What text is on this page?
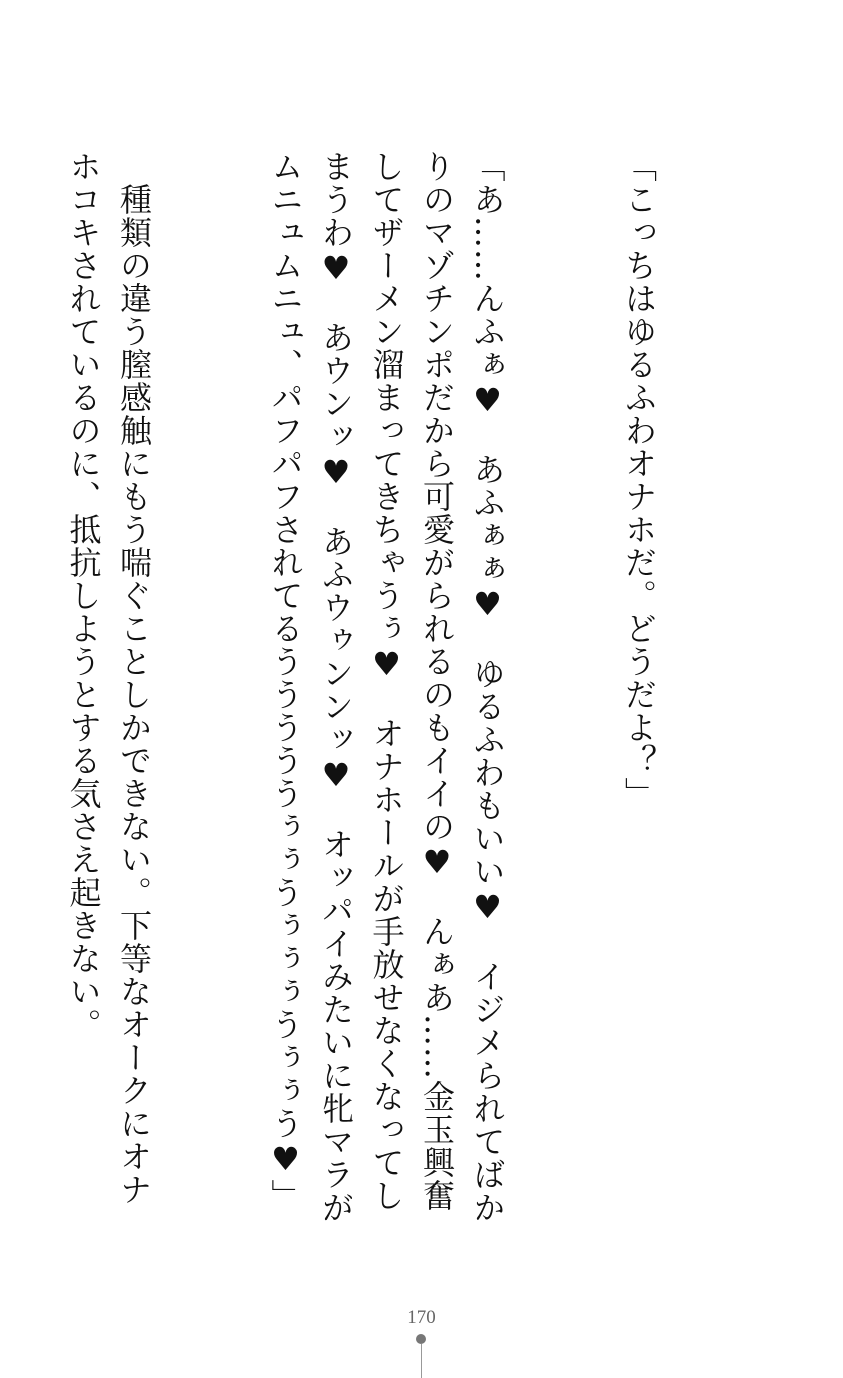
「こっちはゆるふわオナホだ。どうだよ？」

「あ……んふぁ♥　あふぁぁ♥　ゆるふわもいい♥　イジメられてばかりのマゾチンポだから可愛がられるのもイイの♥　んぁあ……金玉興奮してザーメン溜まってきちゃうぅ♥　オナホールが手放せなくなってしまうわ♥　あウンッ♥　あふウゥンンッ♥　オッパイみたいに牝マラがムニュムニュ、パフパフされてるうううううぅぅうぅぅぅうぅぅう♥」

　種類の違う膣感触にもう喘ぐことしかできない。下等なオークにオナホコキされているのに、抵抗しようとする気さえ起きない。

170
